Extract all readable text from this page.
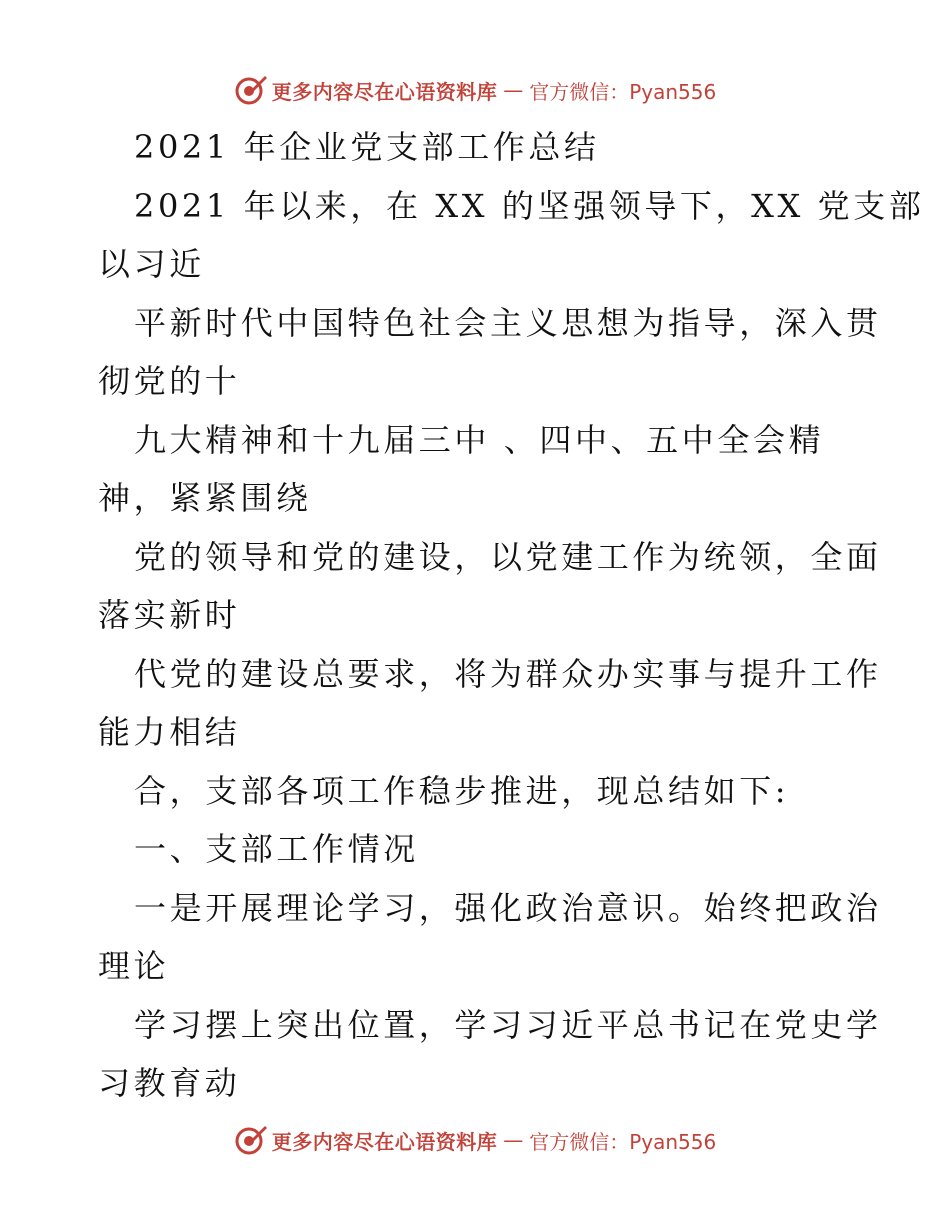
更多内容尽在心语资料库 — 官方微信：Pyan556
2021 年企业党支部工作总结
2021 年以来，在 XX 的坚强领导下，XX 党支部
以习近
平新时代中国特色社会主义思想为指导，深入贯
彻党的十
九大精神和十九届三中 、四中、五中全会精
神，紧紧围绕
党的领导和党的建设，以党建工作为统领，全面
落实新时
代党的建设总要求，将为群众办实事与提升工作
能力相结
合，支部各项工作稳步推进，现总结如下:
一、支部工作情况
一是开展理论学习，强化政治意识。始终把政治
理论
学习摆上突出位置，学习习近平总书记在党史学
习教育动
更多内容尽在心语资料库 — 官方微信：Pyan556
